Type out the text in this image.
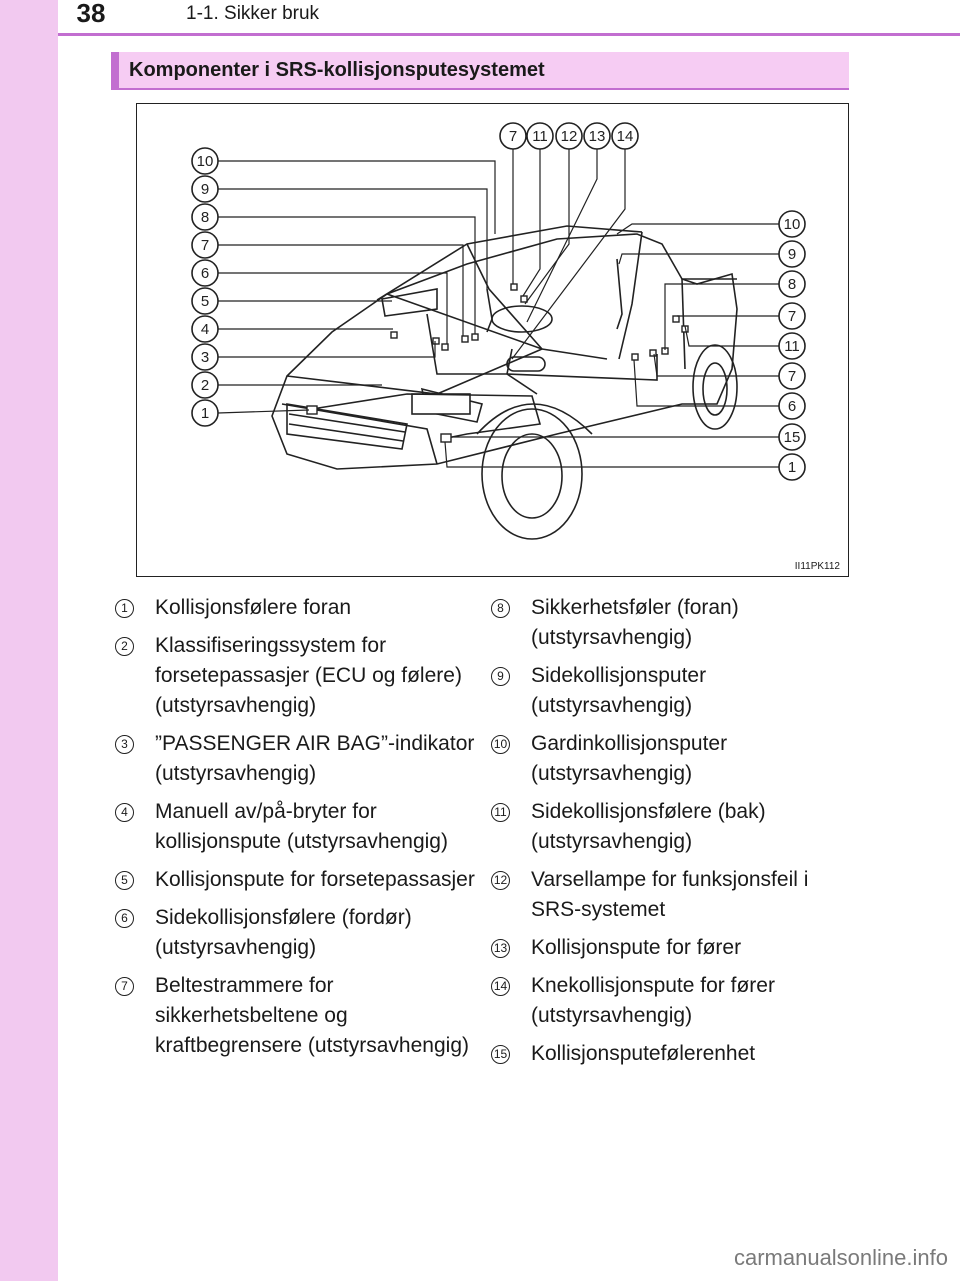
38	1-1. Sikker bruk
Komponenter i SRS-kollisjonsputesystemet
10
9
8
7
6
5
4
3
2
1
7 11 12 13 14
10
9
8
7
11
7
6
15
1
II11PK112
1 Kollisjonsfølere foran
2 Klassifiseringssystem for forsetepassasjer (ECU og følere) (utstyrsavhengig)
3 ”PASSENGER AIR BAG”-indikator (utstyrsavhengig)
4 Manuell av/på-bryter for kollisjonspute (utstyrsavhengig)
5 Kollisjonspute for forsetepassasjer
6 Sidekollisjonsfølere (fordør) (utstyrsavhengig)
7 Beltestrammere for sikkerhetsbeltene og kraftbegrensere (utstyrsavhengig)
8 Sikkerhetsføler (foran) (utstyrsavhengig)
9 Sidekollisjonsputer (utstyrsavhengig)
10 Gardinkollisjonsputer (utstyrsavhengig)
11 Sidekollisjonsfølere (bak) (utstyrsavhengig)
12 Varsellampe for funksjonsfeil i SRS-systemet
13 Kollisjonspute for fører
14 Knekollisjonspute for fører (utstyrsavhengig)
15 Kollisjonsputefølerenhet
carmanualsonline.info
